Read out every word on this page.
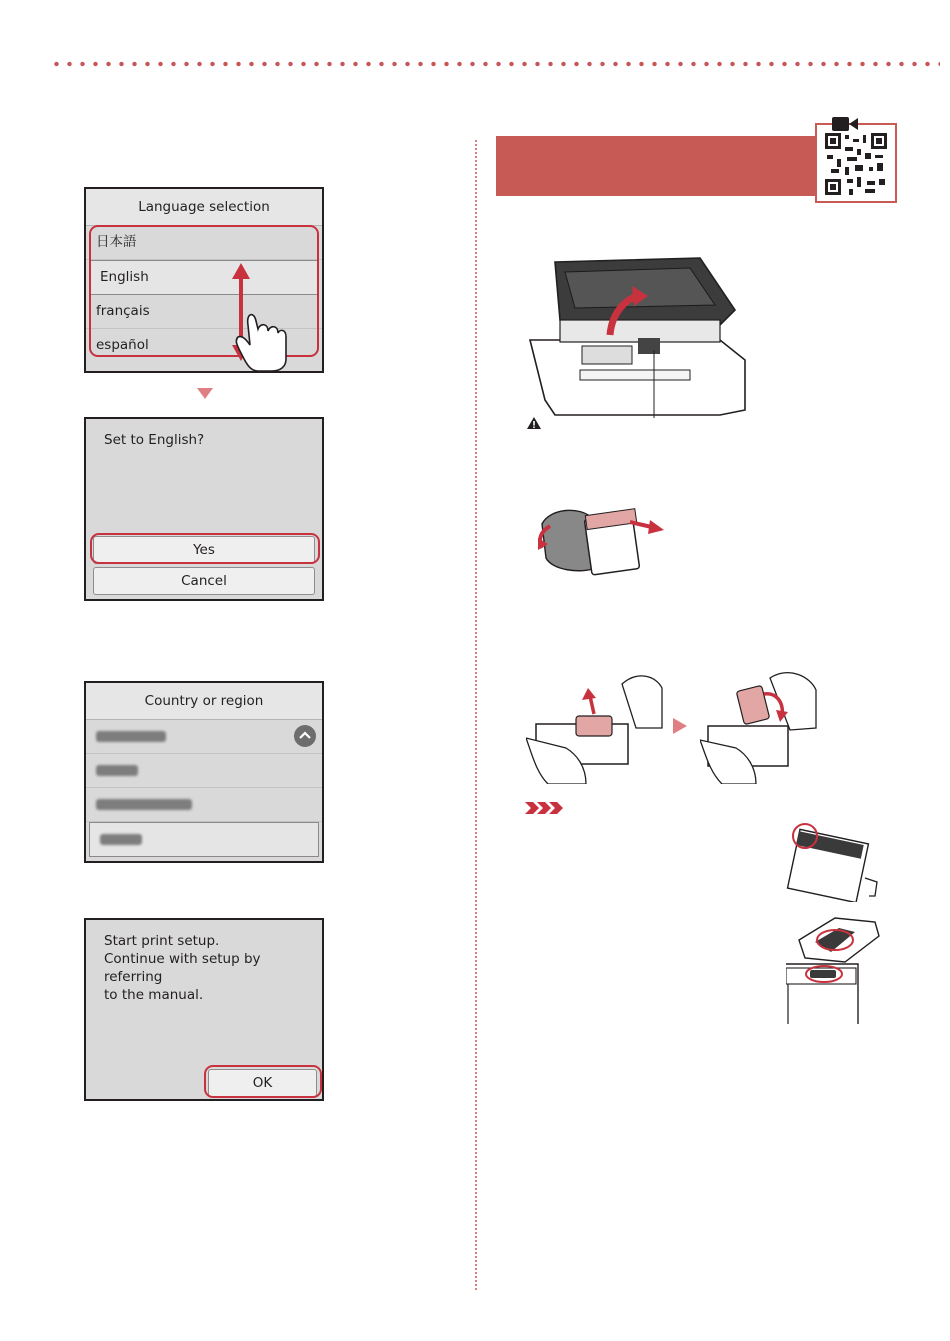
Language selection
日本語
English
français
español
Set to English?
Yes
Cancel
Country or region
Start print setup.
Continue with setup by referring
to the manual.
OK
